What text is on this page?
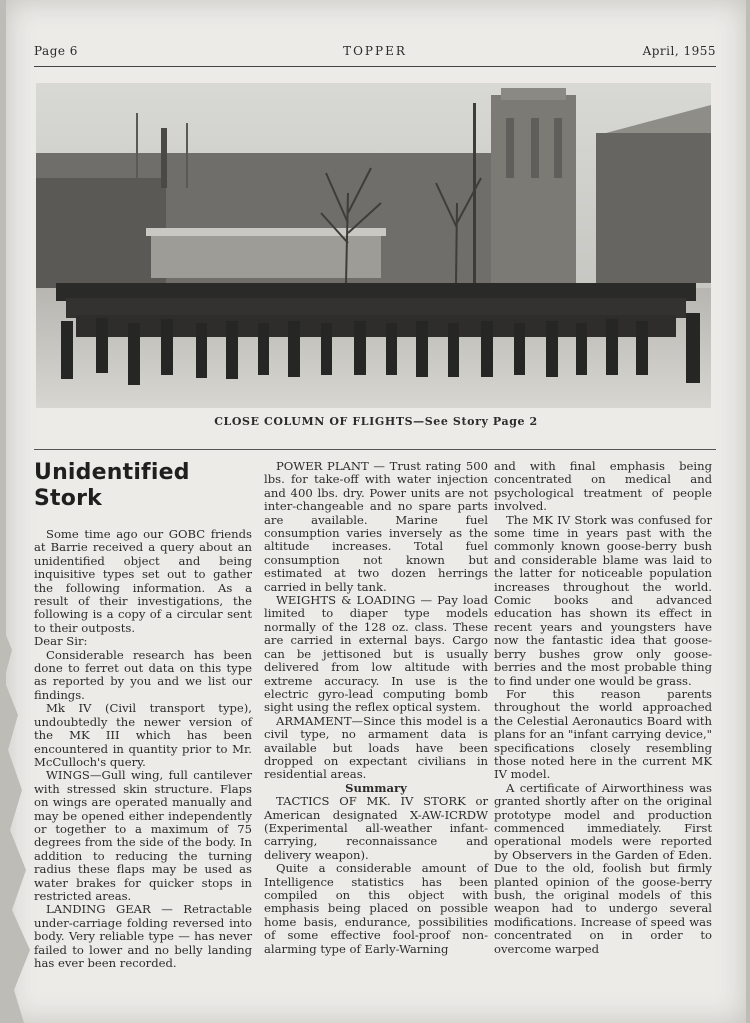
Page 6	TOPPER	April, 1955
CLOSE COLUMN OF FLIGHTS—See Story Page 2
Unidentified Stork

Some time ago our GOBC friends at Barrie received a query about an unidentified object and being inquisitive types set out to gather the following information. As a result of their investigations, the following is a copy of a circular sent to their outposts.

Dear Sir:

Considerable research has been done to ferret out data on this type as reported by you and we list our findings.

Mk IV (Civil transport type), undoubtedly the newer version of the MK III which has been encountered in quantity prior to Mr. McCulloch's query.

WINGS—Gull wing, full cantilever with stressed skin structure. Flaps on wings are operated manually and may be opened either independently or together to a maximum of 75 degrees from the side of the body. In addition to reducing the turning radius these flaps may be used as water brakes for quicker stops in restricted areas.

LANDING GEAR — Retractable under-carriage folding reversed into body. Very reliable type — has never failed to lower and no belly landing has ever been recorded.

POWER PLANT — Trust rating 500 lbs. for take-off with water injection and 400 lbs. dry. Power units are not inter-changeable and no spare parts are available. Marine fuel consumption varies inversely as the altitude increases. Total fuel consumption not known but estimated at two dozen herrings carried in belly tank.

WEIGHTS & LOADING — Pay load limited to diaper type models normally of the 128 oz. class. These are carried in external bays. Cargo can be jettisoned but is usually delivered from low altitude with extreme accuracy. In use is the electric gyro-lead computing bomb sight using the reflex optical system.

ARMAMENT—Since this model is a civil type, no armament data is available but loads have been dropped on expectant civilians in residential areas.

Summary

TACTICS OF MK. IV STORK or American designated X-AW-ICRDW (Experimental all-weather infant-carrying, reconnaissance and delivery weapon).

Quite a considerable amount of Intelligence statistics has been compiled on this object with emphasis being placed on possible home basis, endurance, possibilities of some effective fool-proof non-alarming type of Early-Warning

and with final emphasis being concentrated on medical and psychological treatment of people involved.

The MK IV Stork was confused for some time in years past with the commonly known goose-berry bush and considerable blame was laid to the latter for noticeable population increases throughout the world. Comic books and advanced education has shown its effect in recent years and youngsters have now the fantastic idea that goose-berry bushes grow only goose-berries and the most probable thing to find under one would be grass.

For this reason parents throughout the world approached the Celestial Aeronautics Board with plans for an "infant carrying device," specifications closely resembling those noted here in the current MK IV model.

A certificate of Airworthiness was granted shortly after on the original prototype model and production commenced immediately. First operational models were reported by Observers in the Garden of Eden. Due to the old, foolish but firmly planted opinion of the goose-berry bush, the original models of this weapon had to undergo several modifications. Increase of speed was concentrated on in order to overcome warped
